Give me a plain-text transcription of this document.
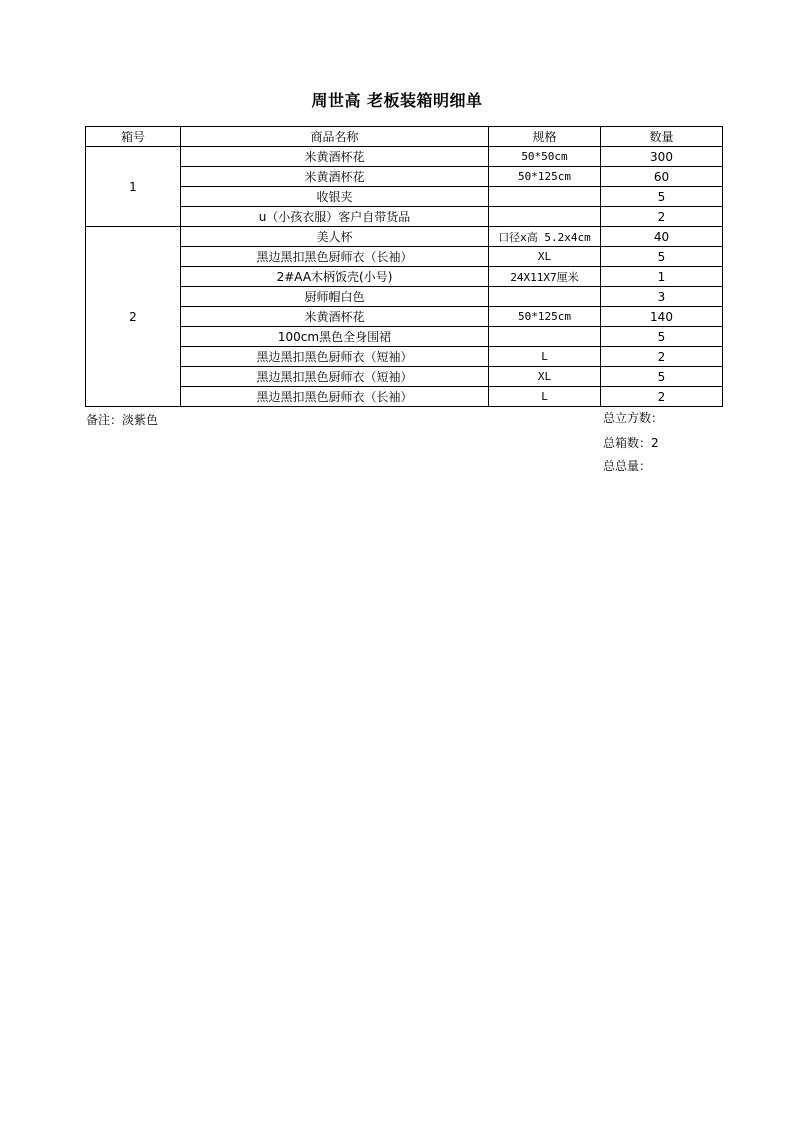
周世高 老板装箱明细单
箱号	商品名称	规格	数量
1	米黄酒杯花	50*50cm	300
	米黄酒杯花	50*125cm	60
	收银夹		5
	u（小孩衣服）客户自带货品		2
2	美人杯	口径x高 5.2x4cm	40
	黑边黑扣黑色厨师衣（长袖）	XL	5
	2#AA木柄饭壳(小号)	24X11X7厘米	1
	厨师帽白色		3
	米黄酒杯花	50*125cm	140
	100cm黑色全身围裙		5
	黑边黑扣黑色厨师衣（短袖）	L	2
	黑边黑扣黑色厨师衣（短袖）	XL	5
	黑边黑扣黑色厨师衣（长袖）	L	2
备注：淡紫色	总立方数：
总箱数：2
总总量：
